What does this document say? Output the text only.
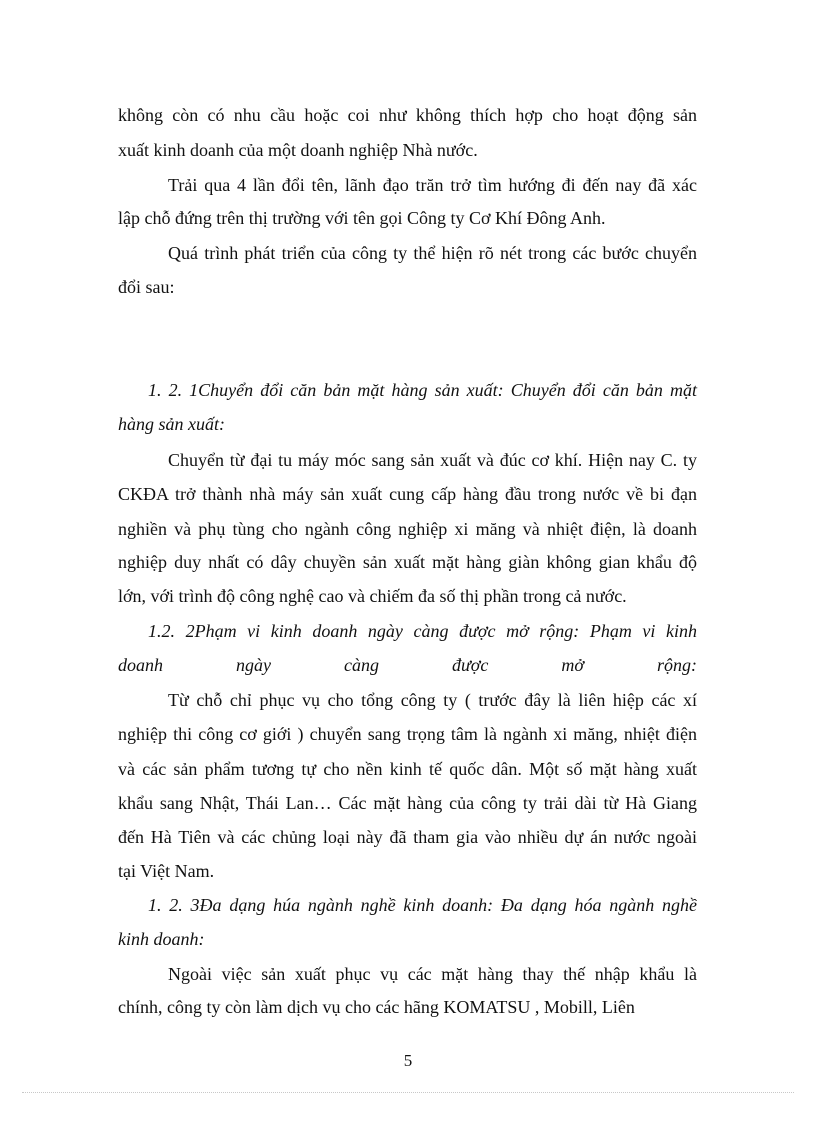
không còn có nhu cầu hoặc coi như không thích hợp cho hoạt động sản
xuất kinh doanh của một doanh nghiệp Nhà nước.
Trải qua 4 lần đổi tên, lãnh đạo trăn trở tìm hướng đi đến nay đã xác
lập chỗ đứng trên thị trường với tên gọi Công ty Cơ Khí Đông Anh.
Quá trình phát triển của công ty thể hiện rõ nét trong các bước chuyển
đổi sau:
1. 2. 1Chuyển đổi căn bản mặt hàng sản xuất: Chuyển đổi căn bản mặt
hàng sản xuất:
Chuyển từ đại tu máy móc sang sản xuất và đúc cơ khí. Hiện nay C. ty
CKĐA trở thành nhà máy sản xuất cung cấp hàng đầu trong nước về bi đạn
nghiền và phụ tùng cho ngành công nghiệp xi măng và nhiệt điện, là doanh
nghiệp duy nhất có dây chuyền sản xuất mặt hàng giàn không gian khẩu độ
lớn, với trình độ công nghệ cao và chiếm đa số thị phần trong cả nước.
1.2. 2Phạm vi kinh doanh ngày càng được mở rộng: Phạm vi kinh
doanh ngày càng được mở rộng:
Từ chỗ chỉ phục vụ cho tổng công ty ( trước đây là liên hiệp các xí
nghiệp thi công cơ giới ) chuyển sang trọng tâm là ngành xi măng, nhiệt điện
và các sản phẩm tương tự cho nền kinh tế quốc dân. Một số mặt hàng xuất
khẩu sang Nhật, Thái Lan… Các mặt hàng của công ty trải dài từ Hà Giang
đến Hà Tiên và các chủng loại này đã tham gia vào nhiều dự án nước ngoài
tại Việt Nam.
1. 2. 3Đa dạng húa ngành nghề kinh doanh: Đa dạng hóa ngành nghề
kinh doanh:
Ngoài việc sản xuất phục vụ các mặt hàng thay thế nhập khẩu là
chính, công ty còn làm dịch vụ cho các hãng KOMATSU , Mobill, Liên
5
